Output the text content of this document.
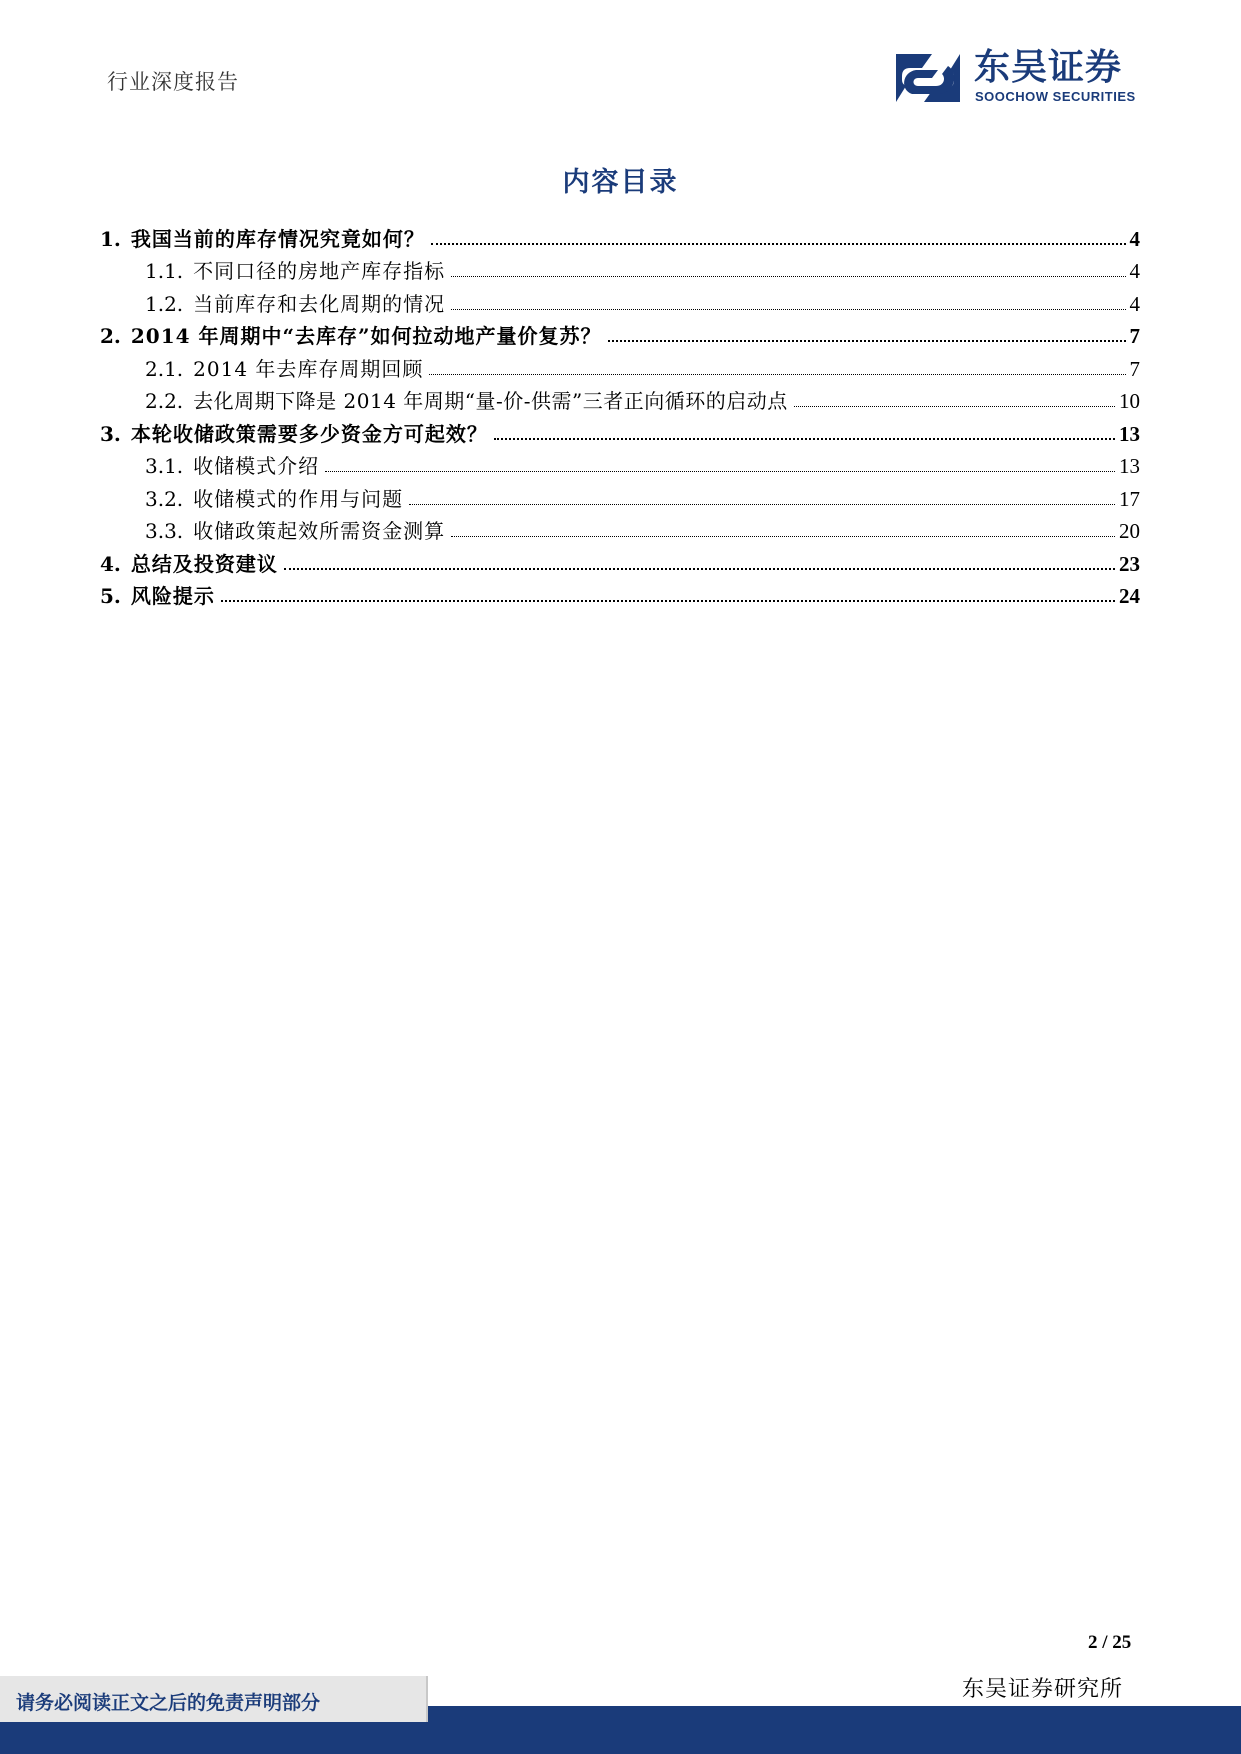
行业深度报告	东吴证券
SOOCHOW SECURITIES
内容目录
1. 我国当前的库存情况究竟如何？	4
1.1. 不同口径的房地产库存指标	4
1.2. 当前库存和去化周期的情况	4
2. 2014 年周期中“去库存”如何拉动地产量价复苏？	7
2.1. 2014 年去库存周期回顾	7
2.2. 去化周期下降是 2014 年周期“量-价-供需”三者正向循环的启动点	10
3. 本轮收储政策需要多少资金方可起效？	13
3.1. 收储模式介绍	13
3.2. 收储模式的作用与问题	17
3.3. 收储政策起效所需资金测算	20
4. 总结及投资建议	23
5. 风险提示	24
2 / 25
东吴证券研究所
请务必阅读正文之后的免责声明部分
